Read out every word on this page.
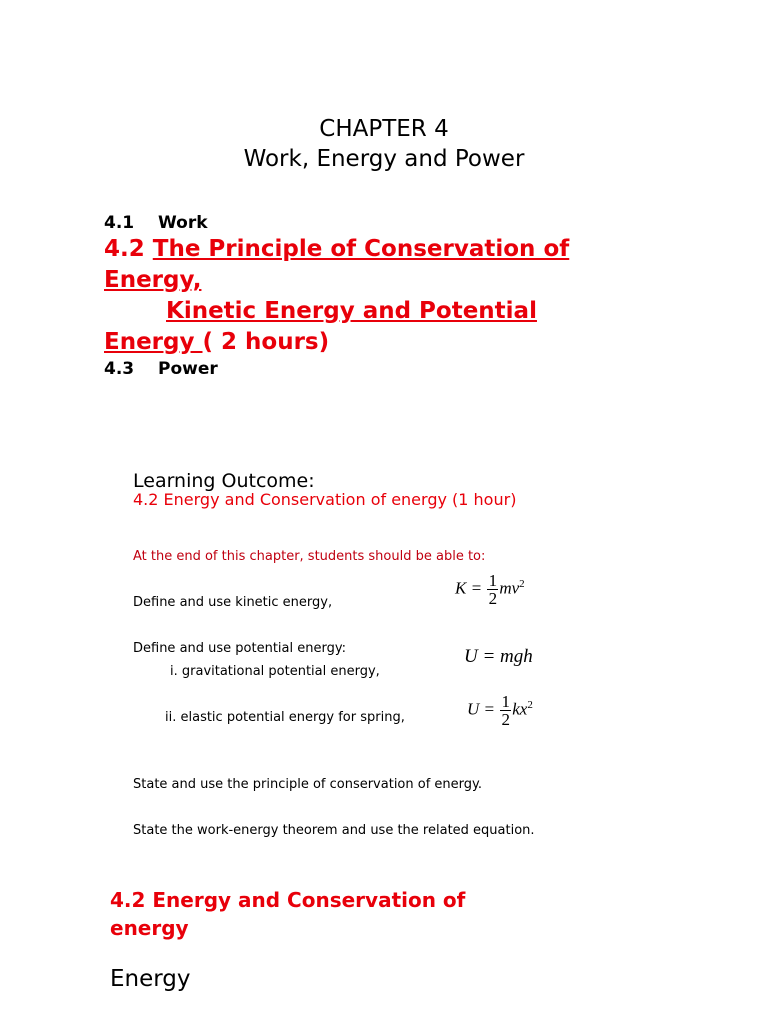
CHAPTER 4
Work, Energy and Power
4.1 Work
4.2 The Principle of Conservation of
Energy,
Kinetic Energy and Potential
Energy ( 2 hours)
4.3 Power
Learning Outcome:
4.2 Energy and Conservation of energy (1 hour)
At the end of this chapter, students should be able to:
Define and use kinetic energy,
Define and use potential energy:
i. gravitational potential energy,
ii. elastic potential energy for spring,
State and use the principle of conservation of energy.
State the work-energy theorem and use the related equation.
$K = \frac{1}{2} mv^2$
U = mgh
$U = \frac{1}{2} kx^2$
4.2 Energy and Conservation of energy
Energy
